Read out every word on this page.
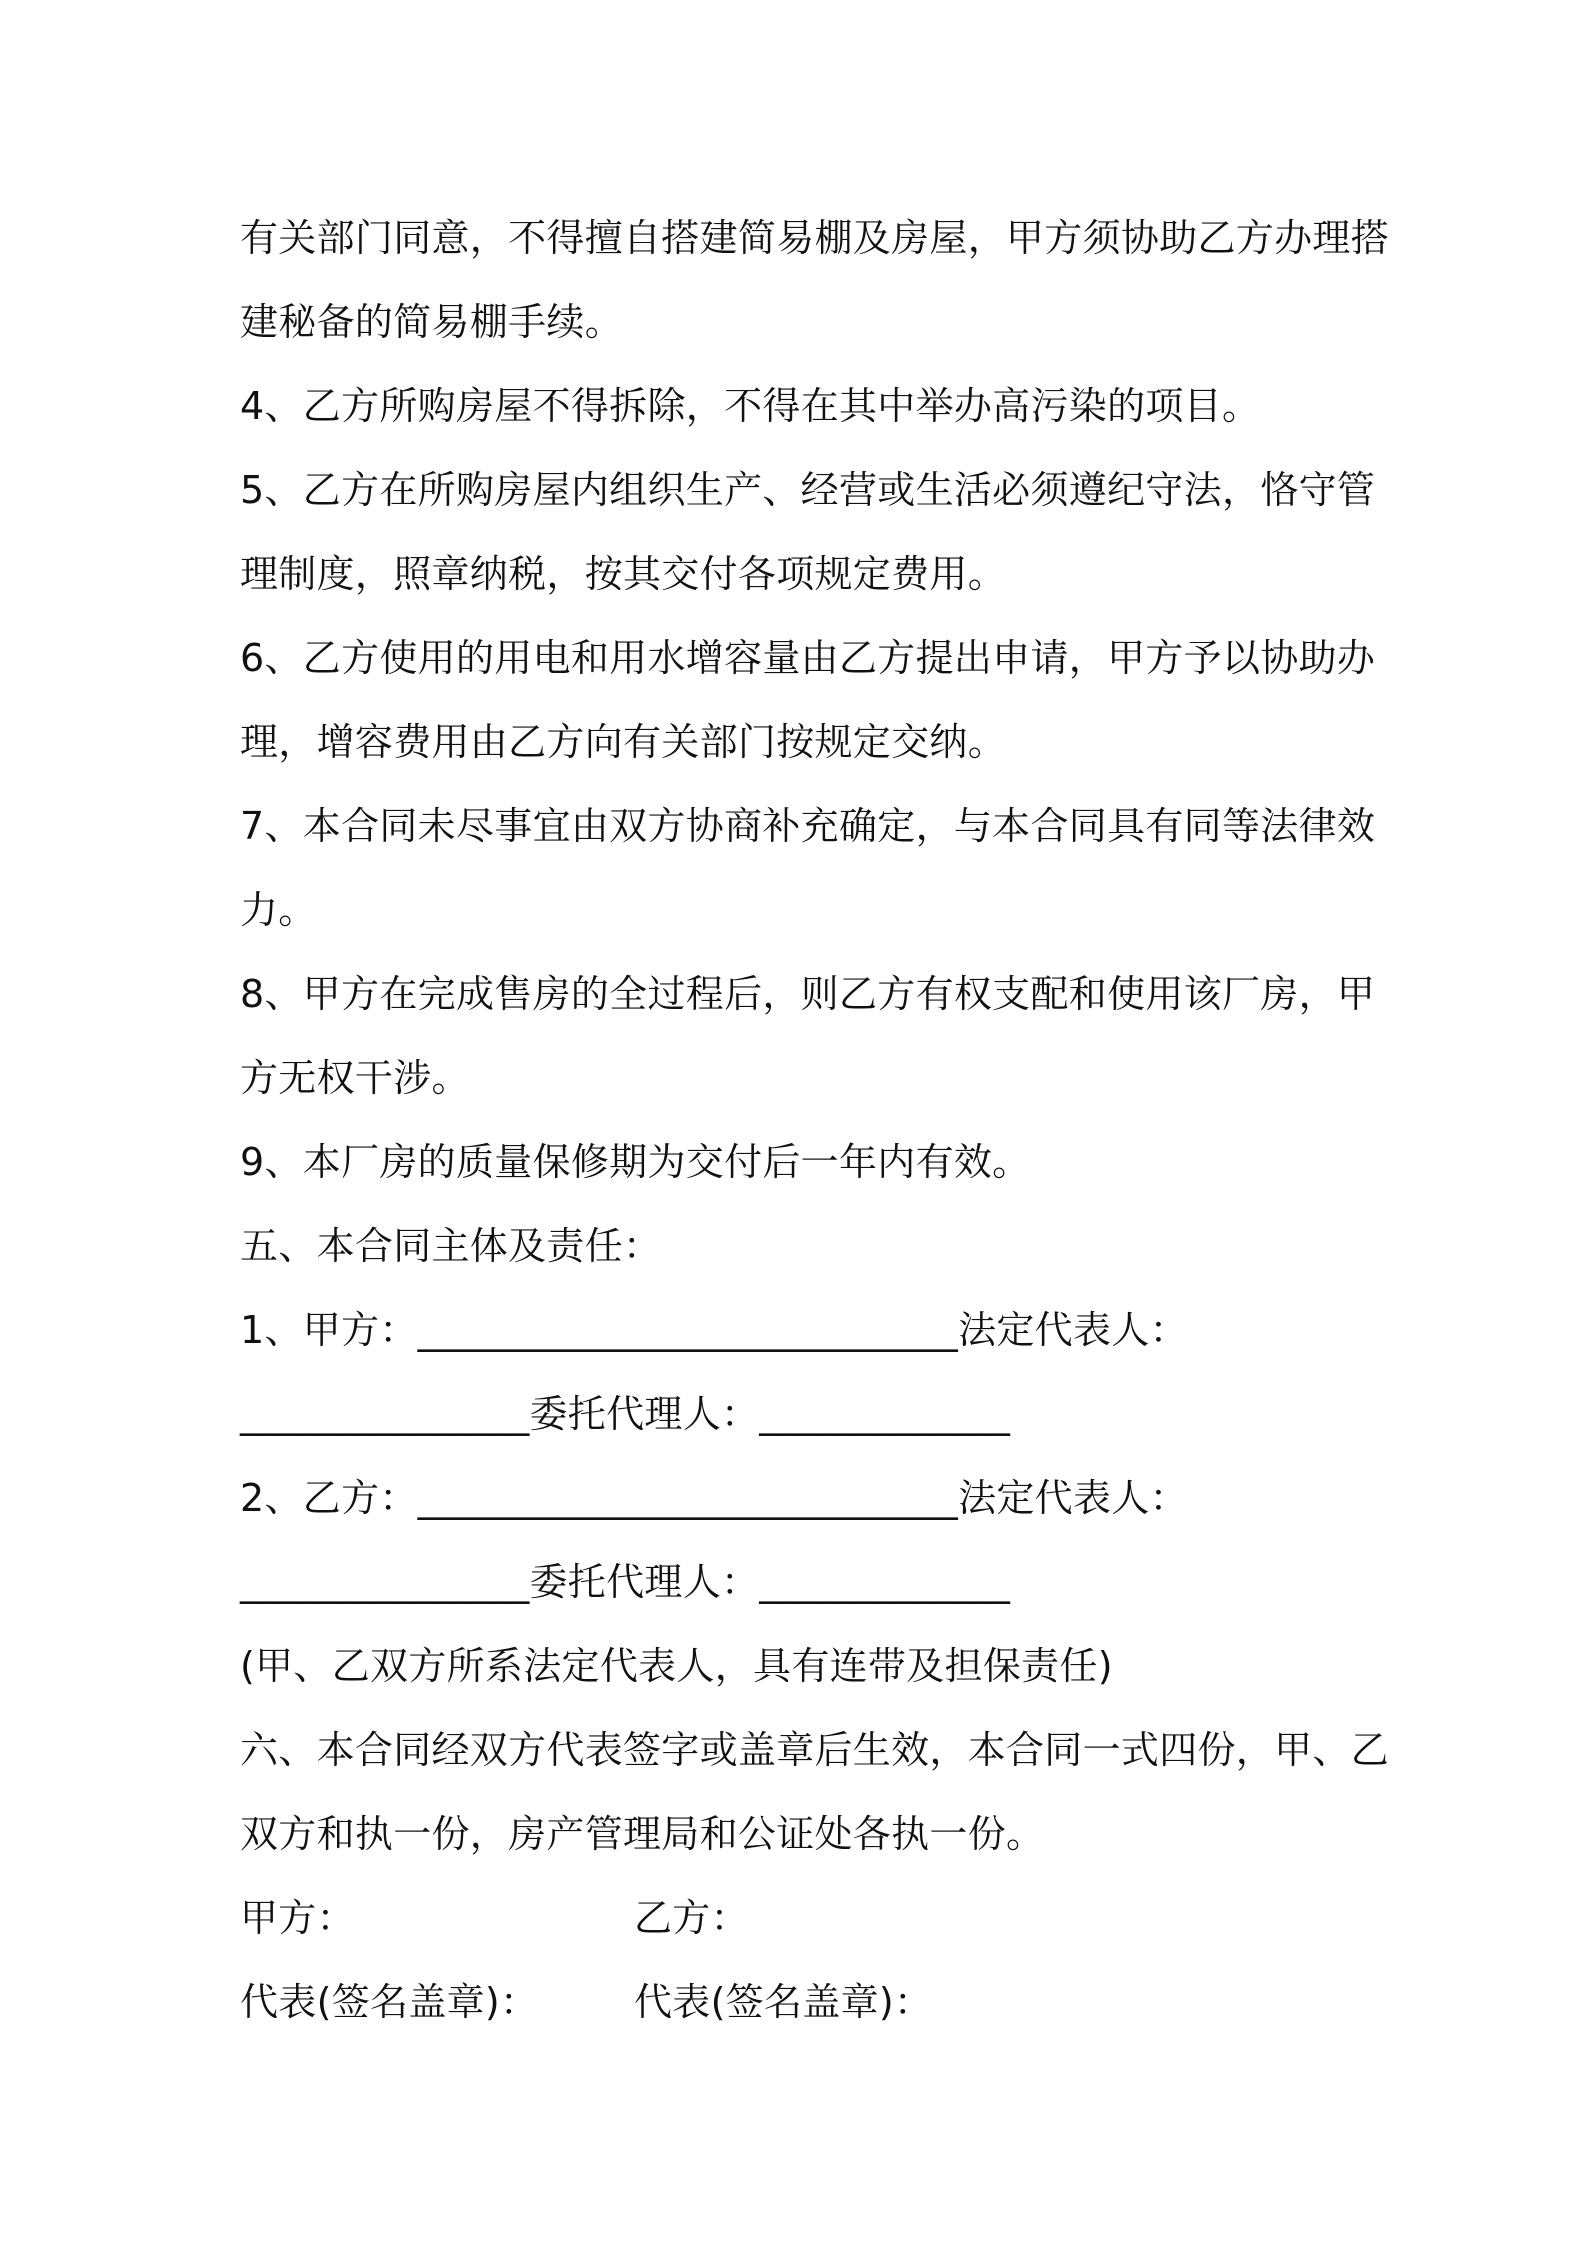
有关部门同意，不得擅自搭建简易棚及房屋，甲方须协助乙方办理搭
建秘备的简易棚手续。
4、乙方所购房屋不得拆除，不得在其中举办高污染的项目。
5、乙方在所购房屋内组织生产、经营或生活必须遵纪守法，恪守管
理制度，照章纳税，按其交付各项规定费用。
6、乙方使用的用电和用水增容量由乙方提出申请，甲方予以协助办
理，增容费用由乙方向有关部门按规定交纳。
7、本合同未尽事宜由双方协商补充确定，与本合同具有同等法律效
力。
8、甲方在完成售房的全过程后，则乙方有权支配和使用该厂房，甲
方无权干涉。
9、本厂房的质量保修期为交付后一年内有效。
五、本合同主体及责任：
1、甲方：____________________________法定代表人：
_______________委托代理人：_____________
2、乙方：____________________________法定代表人：
_______________委托代理人：_____________
(甲、乙双方所系法定代表人，具有连带及担保责任)
六、本合同经双方代表签字或盖章后生效，本合同一式四份，甲、乙
双方和执一份，房产管理局和公证处各执一份。
甲方：	乙方：
代表(签名盖章)：	代表(签名盖章)：
